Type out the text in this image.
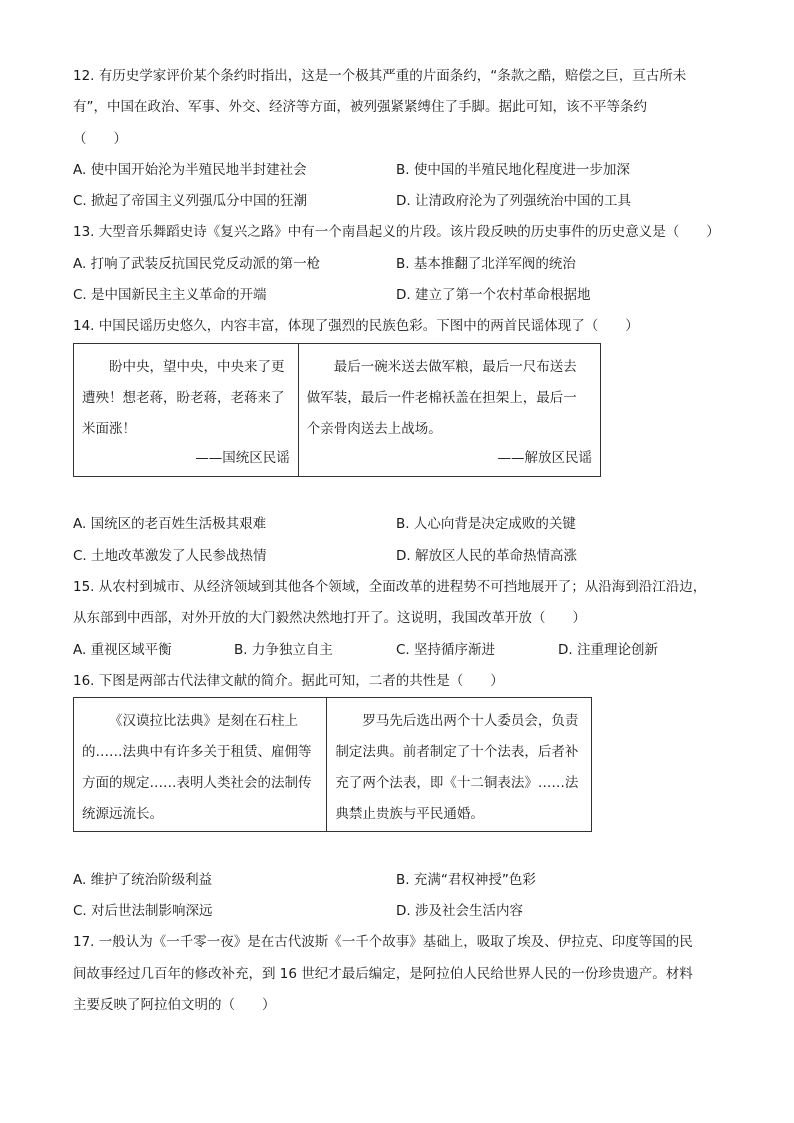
12. 有历史学家评价某个条约时指出，这是一个极其严重的片面条约，“条款之酷，赔偿之巨，亘古所未
有”，中国在政治、军事、外交、经济等方面，被列强紧紧缚住了手脚。据此可知，该不平等条约
（　　）
A. 使中国开始沦为半殖民地半封建社会	B. 使中国的半殖民地化程度进一步加深
C. 掀起了帝国主义列强瓜分中国的狂潮	D. 让清政府沦为了列强统治中国的工具
13. 大型音乐舞蹈史诗《复兴之路》中有一个南昌起义的片段。该片段反映的历史事件的历史意义是（　　）
A. 打响了武装反抗国民党反动派的第一枪	B. 基本推翻了北洋军阀的统治
C. 是中国新民主主义革命的开端	D. 建立了第一个农村革命根据地
14. 中国民谣历史悠久，内容丰富，体现了强烈的民族色彩。下图中的两首民谣体现了（　　）
盼中央，望中央，中央来了更
遭殃！想老蒋，盼老蒋，老蒋来了
米面涨！
——国统区民谣

最后一碗米送去做军粮，最后一尺布送去
做军装，最后一件老棉袄盖在担架上，最后一
个亲骨肉送去上战场。
——解放区民谣
A. 国统区的老百姓生活极其艰难	B. 人心向背是决定成败的关键
C. 土地改革激发了人民参战热情	D. 解放区人民的革命热情高涨
15. 从农村到城市、从经济领域到其他各个领域，全面改革的进程势不可挡地展开了；从沿海到沿江沿边，
从东部到中西部，对外开放的大门毅然决然地打开了。这说明，我国改革开放（　　）
A. 重视区域平衡	B. 力争独立自主	C. 坚持循序渐进	D. 注重理论创新
16. 下图是两部古代法律文献的简介。据此可知，二者的共性是（　　）
《汉谟拉比法典》是刻在石柱上
的……法典中有许多关于租赁、雇佣等
方面的规定……表明人类社会的法制传
统源远流长。

罗马先后选出两个十人委员会，负责
制定法典。前者制定了十个法表，后者补
充了两个法表，即《十二铜表法》……法
典禁止贵族与平民通婚。
A. 维护了统治阶级利益	B. 充满“君权神授”色彩
C. 对后世法制影响深远	D. 涉及社会生活内容
17. 一般认为《一千零一夜》是在古代波斯《一千个故事》基础上，吸取了埃及、伊拉克、印度等国的民
间故事经过几百年的修改补充，到 16 世纪才最后编定，是阿拉伯人民给世界人民的一份珍贵遗产。材料
主要反映了阿拉伯文明的（　　）
